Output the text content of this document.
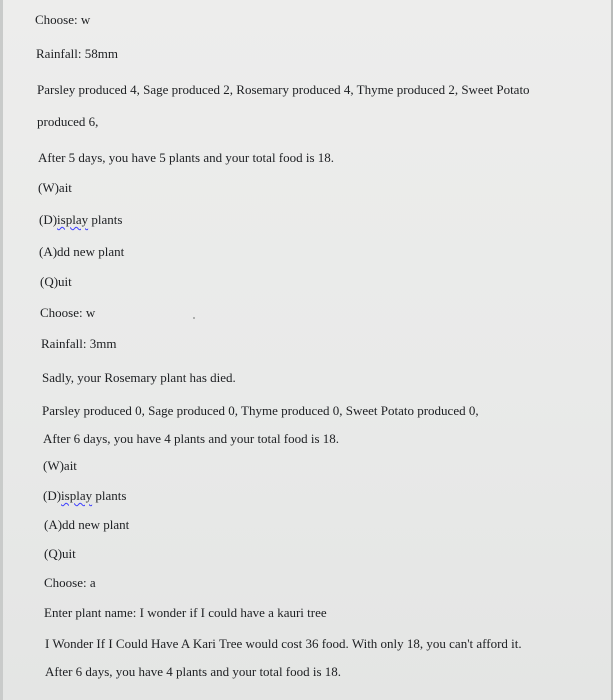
Choose: w
Rainfall: 58mm
Parsley produced 4, Sage produced 2, Rosemary produced 4, Thyme produced 2, Sweet Potato
produced 6,
After 5 days, you have 5 plants and your total food is 18.
(W)ait
(D)isplay plants
(A)dd new plant
(Q)uit
Choose: w
Rainfall: 3mm
Sadly, your Rosemary plant has died.
Parsley produced 0, Sage produced 0, Thyme produced 0, Sweet Potato produced 0,
After 6 days, you have 4 plants and your total food is 18.
(W)ait
(D)isplay plants
(A)dd new plant
(Q)uit
Choose: a
Enter plant name: I wonder if I could have a kauri tree
I Wonder If I Could Have A Kari Tree would cost 36 food. With only 18, you can't afford it.
After 6 days, you have 4 plants and your total food is 18.
